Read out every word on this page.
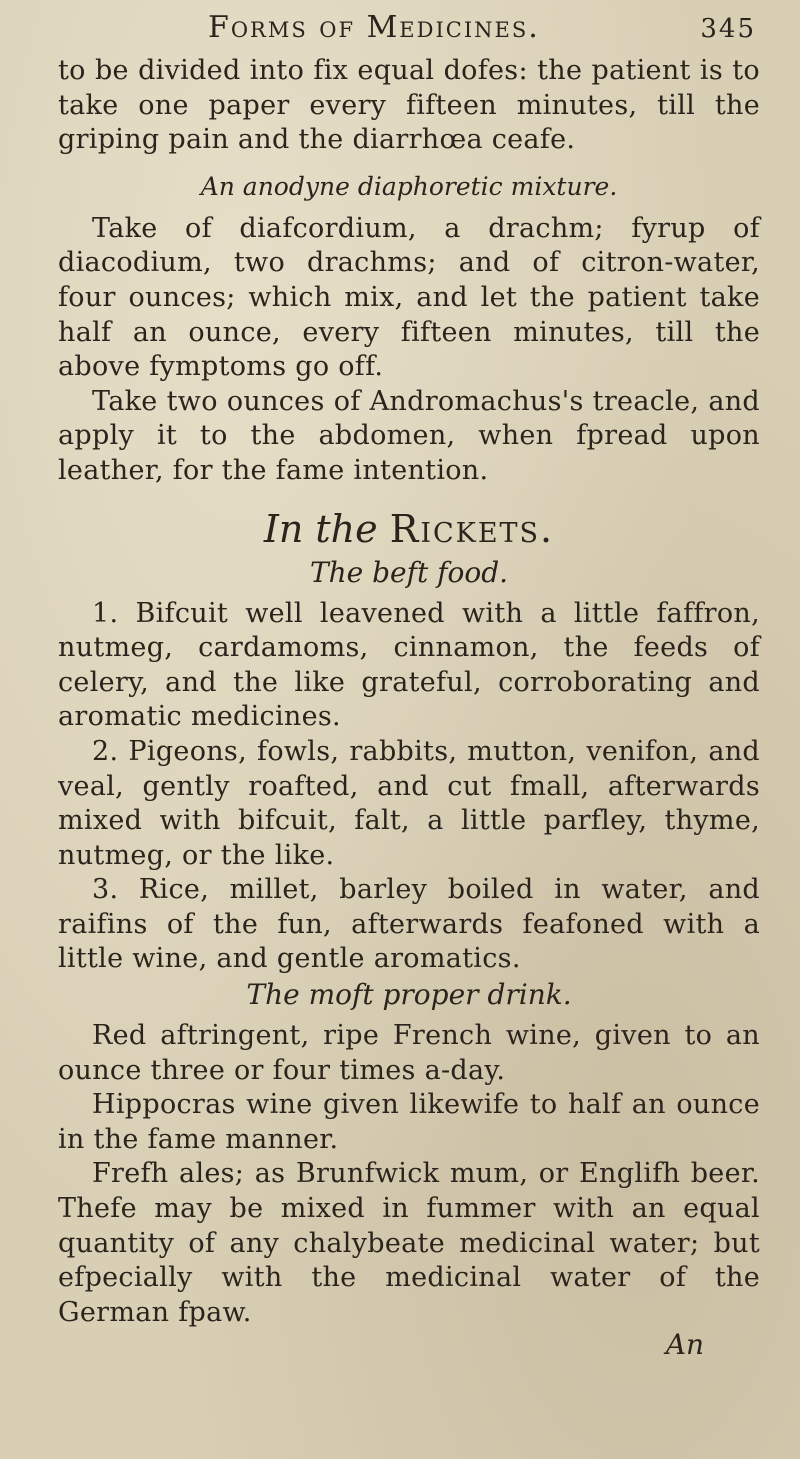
Forms of Medicines.	345

to be divided into fix equal dofes: the patient is to take one paper every fifteen minutes, till the griping pain and the diarrhœa ceafe.

An anodyne diaphoretic mixture.

Take of diafcordium, a drachm; fyrup of diacodium, two drachms; and of citron-water, four ounces; which mix, and let the patient take half an ounce, every fifteen minutes, till the above fymptoms go off.

Take two ounces of Andromachus's treacle, and apply it to the abdomen, when fpread upon leather, for the fame intention.

In the Rickets.
The beft food.

1. Bifcuit well leavened with a little faffron, nutmeg, cardamoms, cinnamon, the feeds of celery, and the like grateful, corroborating and aromatic medicines.

2. Pigeons, fowls, rabbits, mutton, venifon, and veal, gently roafted, and cut fmall, afterwards mixed with bifcuit, falt, a little parfley, thyme, nutmeg, or the like.

3. Rice, millet, barley boiled in water, and raifins of the fun, afterwards feafoned with a little wine, and gentle aromatics.

The moft proper drink.

Red aftringent, ripe French wine, given to an ounce three or four times a-day.

Hippocras wine given likewife to half an ounce in the fame manner.

Frefh ales; as Brunfwick mum, or Englifh beer. Thefe may be mixed in fummer with an equal quantity of any chalybeate medicinal water; but efpecially with the medicinal water of the German fpaw.

An
